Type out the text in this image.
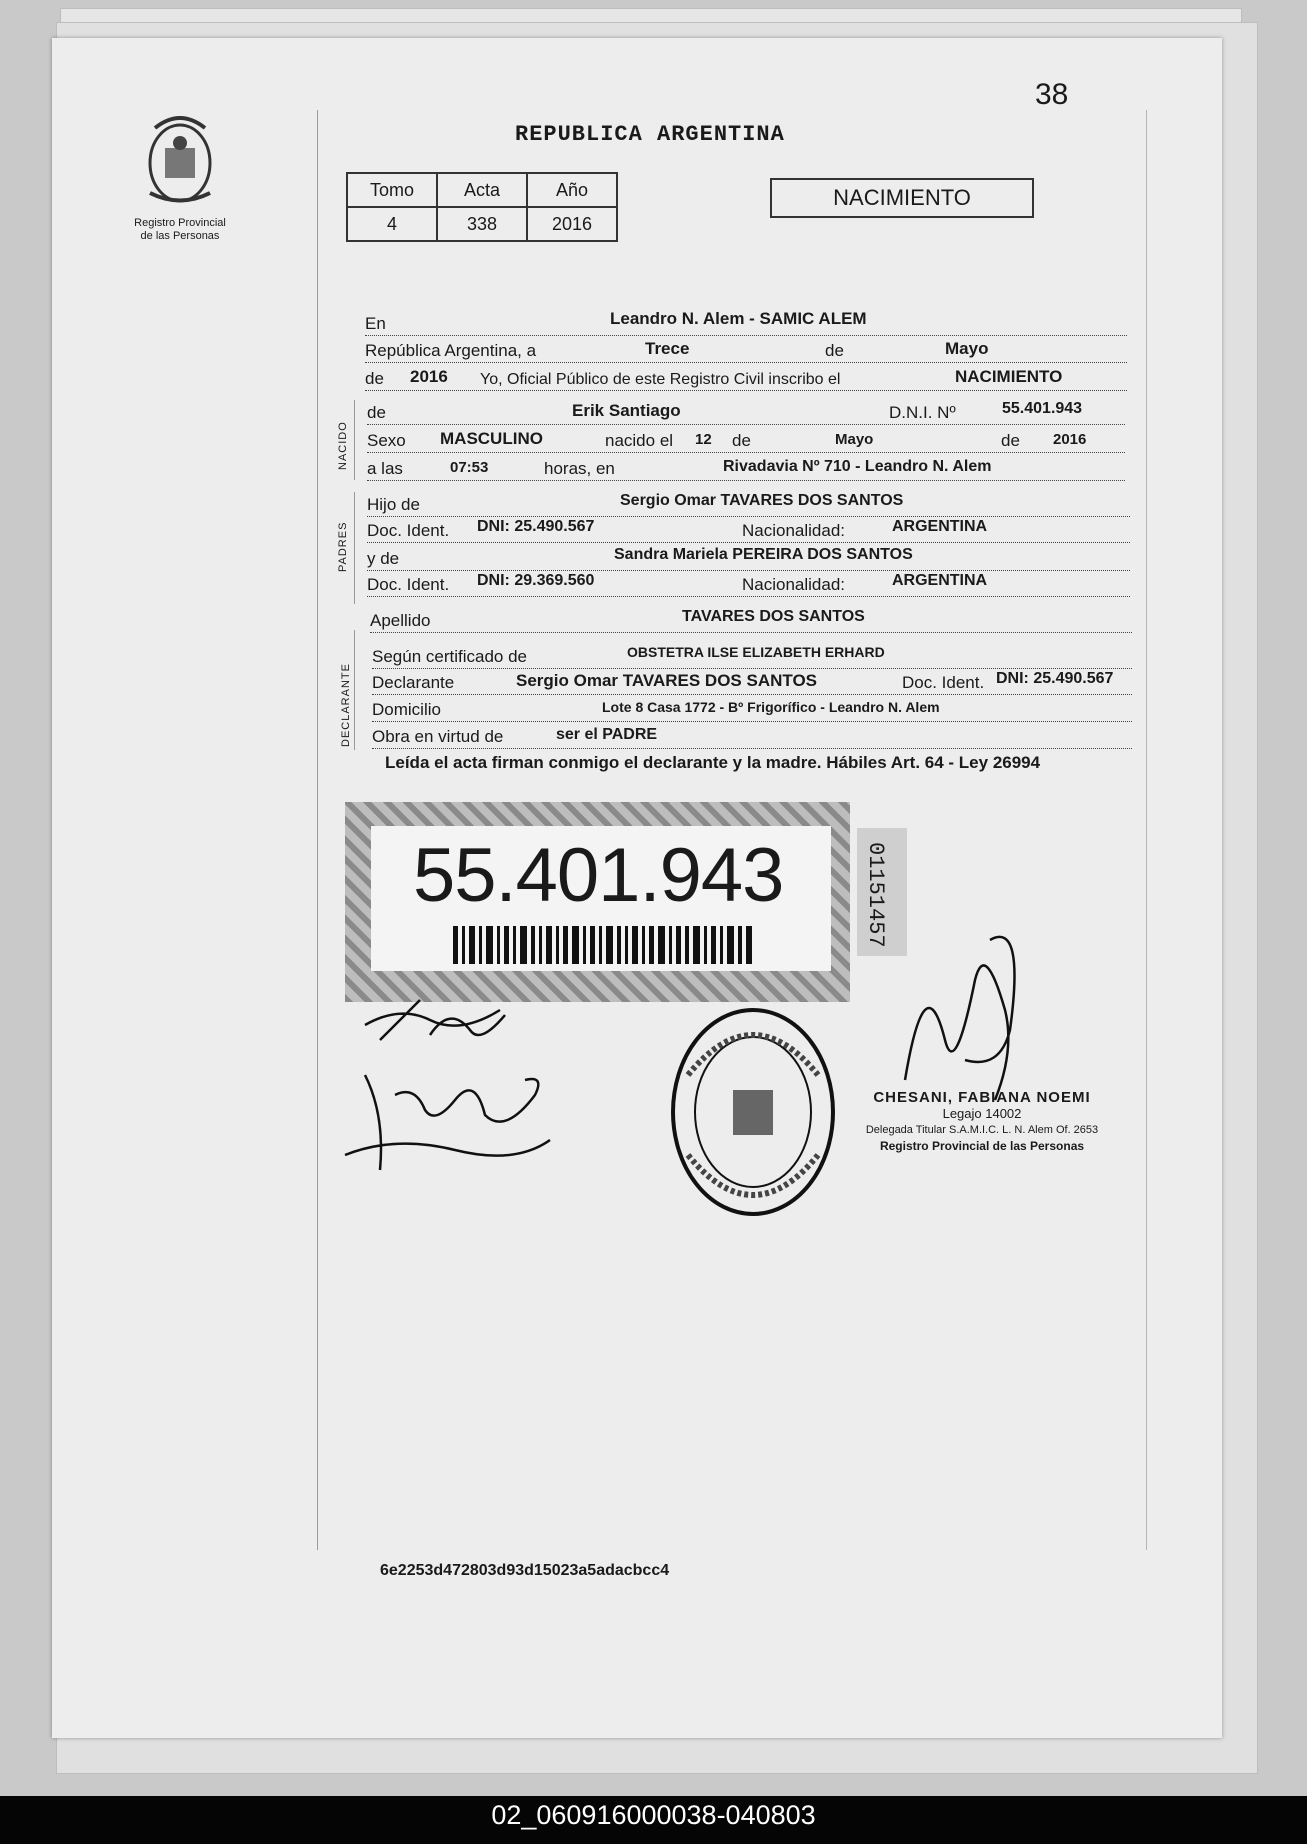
38
Registro Provincial
de las Personas
REPUBLICA ARGENTINA
Tomo	Acta	Año
4	338	2016
NACIMIENTO
En	Leandro N. Alem - SAMIC ALEM
República Argentina, a	Trece	de	Mayo
de 2016 Yo, Oficial Público de este Registro Civil inscribo el	NACIMIENTO
NACIDO
PADRES
DECLARANTE
de	Erik Santiago	D.N.I. Nº	55.401.943
Sexo MASCULINO	nacido el 12 de	Mayo	de 2016
a las	07:53	horas, en	Rivadavia Nº 710 - Leandro N. Alem
Hijo de	Sergio Omar TAVARES DOS SANTOS
Doc. Ident. DNI: 25.490.567	Nacionalidad:	ARGENTINA
y de	Sandra Mariela PEREIRA DOS SANTOS
Doc. Ident. DNI: 29.369.560	Nacionalidad:	ARGENTINA
Apellido	TAVARES DOS SANTOS
Según certificado de	OBSTETRA ILSE ELIZABETH ERHARD
Declarante	Sergio Omar TAVARES DOS SANTOS	Doc. Ident. DNI: 25.490.567
Domicilio	Lote 8 Casa 1772 - Bº Frigorífico - Leandro N. Alem
Obra en virtud de	ser el PADRE
Leída el acta firman conmigo el declarante y la madre. Hábiles Art. 64 - Ley 26994
55.401.943	01151457
CHESANI, FABIANA NOEMI
Legajo 14002
Delegada Titular S.A.M.I.C. L. N. Alem Of. 2653
Registro Provincial de las Personas
6e2253d472803d93d15023a5adacbcc4
02_060916000038-040803
